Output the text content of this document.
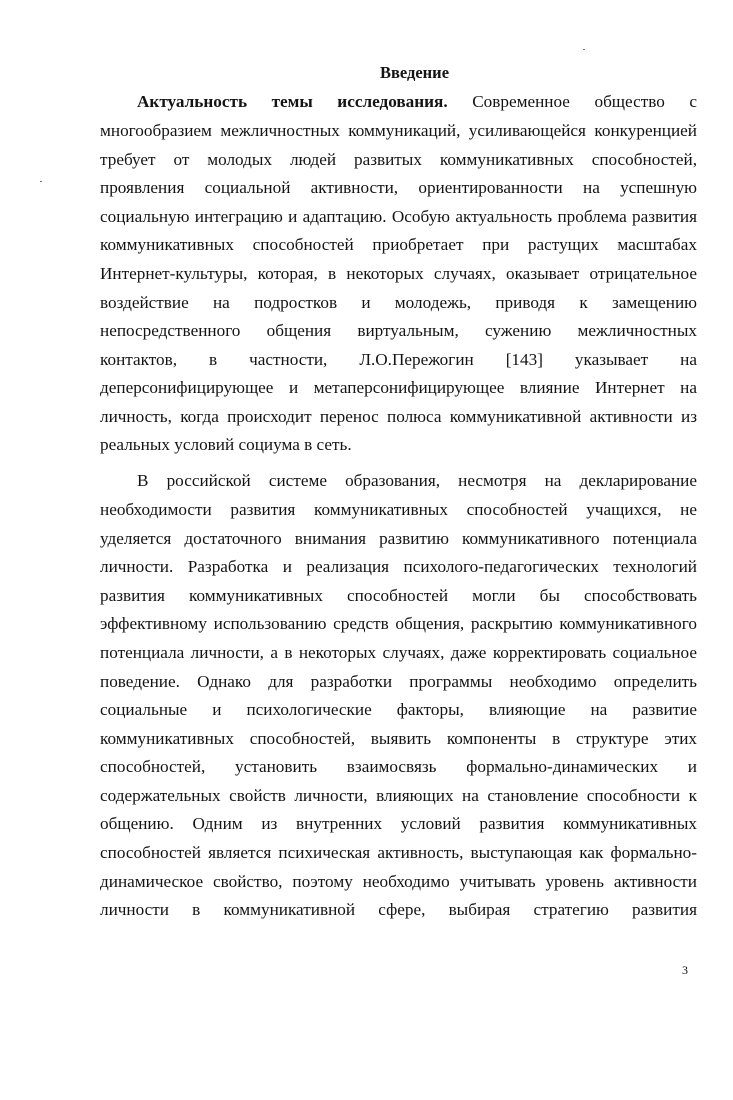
Введение
Актуальность темы исследования. Современное общество с
многообразием межличностных коммуникаций, усиливающейся конкуренцией
требует от молодых людей развитых коммуникативных способностей,
проявления социальной активности, ориентированности на успешную
социальную интеграцию и адаптацию. Особую актуальность проблема развития
коммуникативных способностей приобретает при растущих масштабах
Интернет-культуры, которая, в некоторых случаях, оказывает отрицательное
воздействие на подростков и молодежь, приводя к замещению
непосредственного общения виртуальным, сужению межличностных
контактов, в частности, Л.О.Пережогин [143] указывает на
деперсонифицирующее и метаперсонифицирующее влияние Интернет на
личность, когда происходит перенос полюса коммуникативной активности из
реальных условий социума в сеть.
В российской системе образования, несмотря на декларирование
необходимости развития коммуникативных способностей учащихся, не
уделяется достаточного внимания развитию коммуникативного потенциала
личности. Разработка и реализация психолого-педагогических технологий
развития коммуникативных способностей могли бы способствовать
эффективному использованию средств общения, раскрытию коммуникативного
потенциала личности, а в некоторых случаях, даже корректировать социальное
поведение. Однако для разработки программы необходимо определить
социальные и психологические факторы, влияющие на развитие
коммуникативных способностей, выявить компоненты в структуре этих
способностей, установить взаимосвязь формально-динамических и
содержательных свойств личности, влияющих на становление способности к
общению. Одним из внутренних условий развития коммуникативных
способностей является психическая активность, выступающая как формально-
динамическое свойство, поэтому необходимо учитывать уровень активности
личности в коммуникативной сфере, выбирая стратегию развития
3
